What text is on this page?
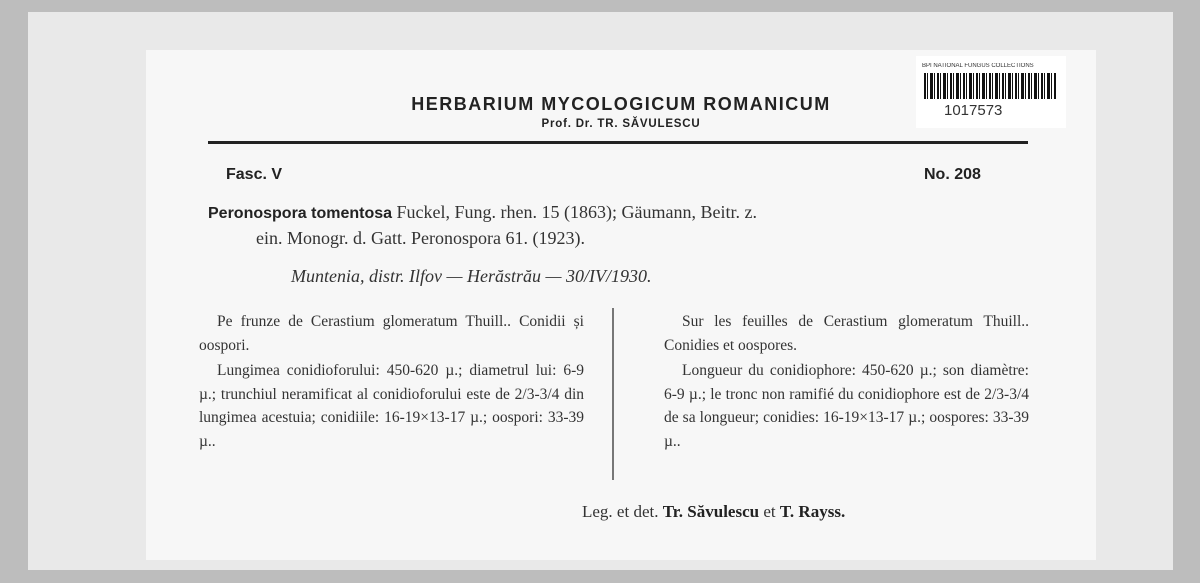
HERBARIUM MYCOLOGICUM ROMANICUM
Prof. Dr. TR. SĂVULESCU
BPI NATIONAL FUNGUS COLLECTIONS
1017573
Fasc. V	No. 208
Peronospora tomentosa Fuckel, Fung. rhen. 15 (1863); Gäumann, Beitr. z.
ein. Monogr. d. Gatt. Peronospora 61. (1923).
Muntenia, distr. Ilfov — Herăstrău — 30/IV/1930.

Pe frunze de Cerastium glomeratum Thuill.. Conidii și oospori.

Lungimea conidioforului: 450-620 µ.; diametrul lui: 6-9 µ.; trunchiul neramificat al conidioforului este de 2/3-3/4 din lungimea acestuia; conidiile: 16-19×13-17 µ.; oospori: 33-39 µ..

Sur les feuilles de Cerastium glomeratum Thuill.. Conidies et oospores.

Longueur du conidiophore: 450-620 µ.; son diamètre: 6-9 µ.; le tronc non ramifié du conidiophore est de 2/3-3/4 de sa longueur; conidies: 16-19×13-17 µ.; oospores: 33-39 µ..

Leg. et det. Tr. Săvulescu et T. Rayss.
